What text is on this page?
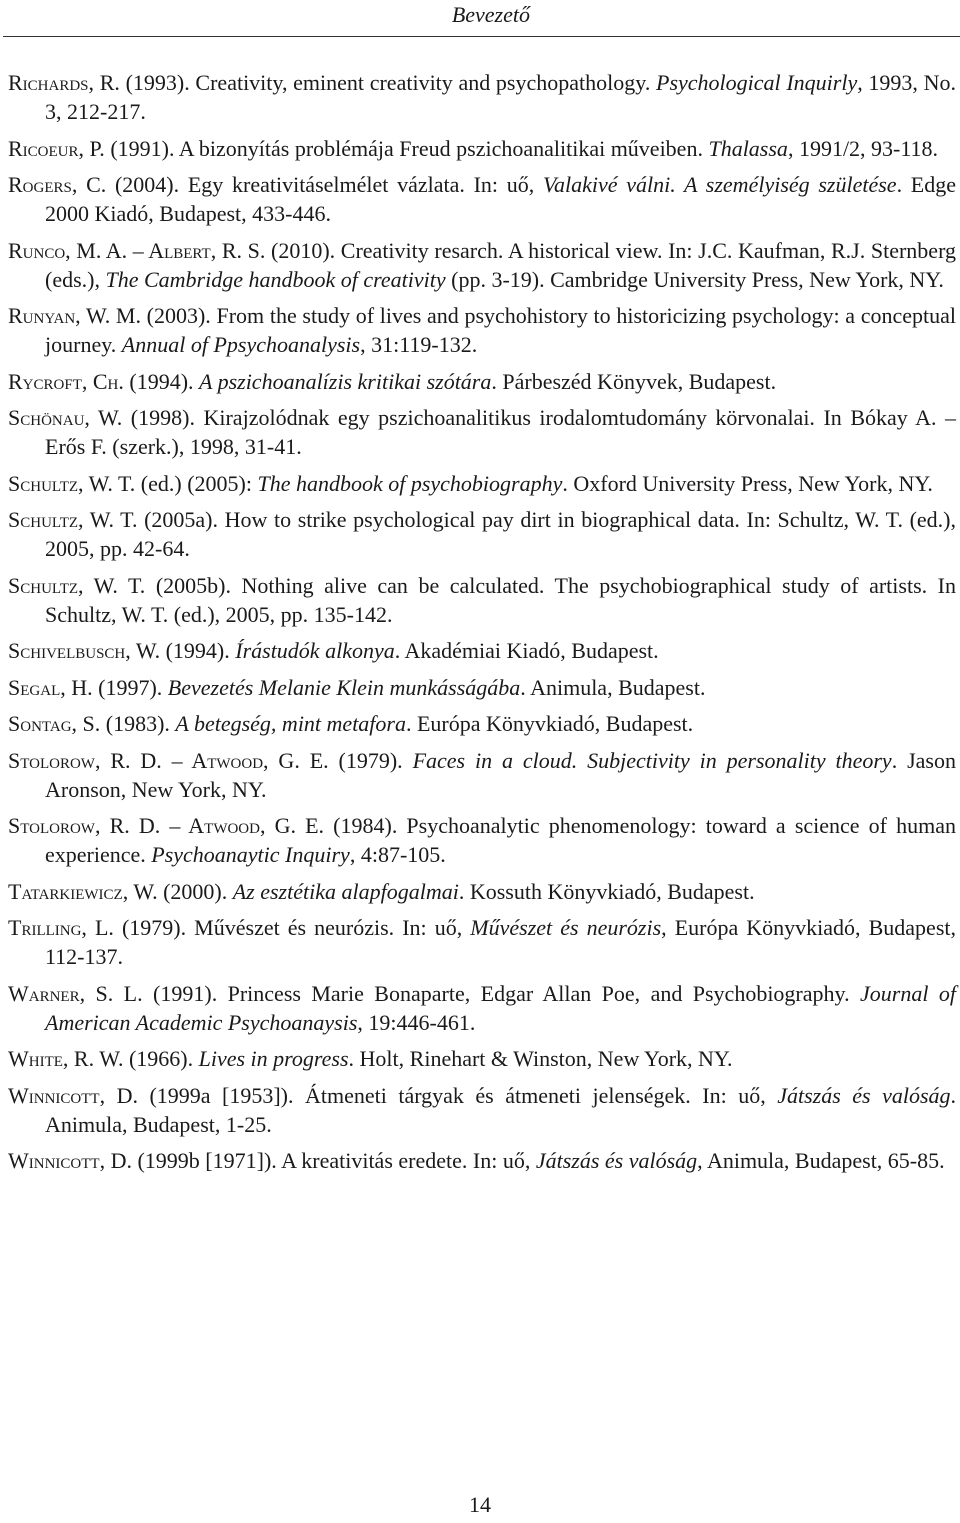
Bevezető
Richards, R. (1993). Creativity, eminent creativity and psychopathology. Psychological Inquirly, 1993, No. 3, 212-217.
Ricoeur, P. (1991). A bizonyítás problémája Freud pszichoanalitikai műveiben. Thalassa, 1991/2, 93-118.
Rogers, C. (2004). Egy kreativitáselmélet vázlata. In: uő, Valakivé válni. A személyiség születése. Edge 2000 Kiadó, Budapest, 433-446.
Runco, M. A. – Albert, R. S. (2010). Creativity resarch. A historical view. In: J.C. Kaufman, R.J. Sternberg (eds.), The Cambridge handbook of creativity (pp. 3-19). Cambridge University Press, New York, NY.
Runyan, W. M. (2003). From the study of lives and psychohistory to historicizing psychology: a conceptual journey. Annual of Ppsychoanalysis, 31:119-132.
Rycroft, Ch. (1994). A pszichoanalízis kritikai szótára. Párbeszéd Könyvek, Budapest.
Schönau, W. (1998). Kirajzolódnak egy pszichoanalitikus irodalomtudomány körvonalai. In Bókay A. – Erős F. (szerk.), 1998, 31-41.
Schultz, W. T. (ed.) (2005): The handbook of psychobiography. Oxford University Press, New York, NY.
Schultz, W. T. (2005a). How to strike psychological pay dirt in biographical data. In: Schultz, W. T. (ed.), 2005, pp. 42-64.
Schultz, W. T. (2005b). Nothing alive can be calculated. The psychobiographical study of artists. In Schultz, W. T. (ed.), 2005, pp. 135-142.
Schivelbusch, W. (1994). Írástudók alkonya. Akadémiai Kiadó, Budapest.
Segal, H. (1997). Bevezetés Melanie Klein munkásságába. Animula, Budapest.
Sontag, S. (1983). A betegség, mint metafora. Európa Könyvkiadó, Budapest.
Stolorow, R. D. – Atwood, G. E. (1979). Faces in a cloud. Subjectivity in personality theory. Jason Aronson, New York, NY.
Stolorow, R. D. – Atwood, G. E. (1984). Psychoanalytic phenomenology: toward a science of human experience. Psychoanaytic Inquiry, 4:87-105.
Tatarkiewicz, W. (2000). Az esztétika alapfogalmai. Kossuth Könyvkiadó, Budapest.
Trilling, L. (1979). Művészet és neurózis. In: uő, Művészet és neurózis, Európa Könyvkiadó, Budapest, 112-137.
Warner, S. L. (1991). Princess Marie Bonaparte, Edgar Allan Poe, and Psychobiography. Journal of American Academic Psychoanaysis, 19:446-461.
White, R. W. (1966). Lives in progress. Holt, Rinehart & Winston, New York, NY.
Winnicott, D. (1999a [1953]). Átmeneti tárgyak és átmeneti jelenségek. In: uő, Játszás és valóság. Animula, Budapest, 1-25.
Winnicott, D. (1999b [1971]). A kreativitás eredete. In: uő, Játszás és valóság, Animula, Budapest, 65-85.
14
